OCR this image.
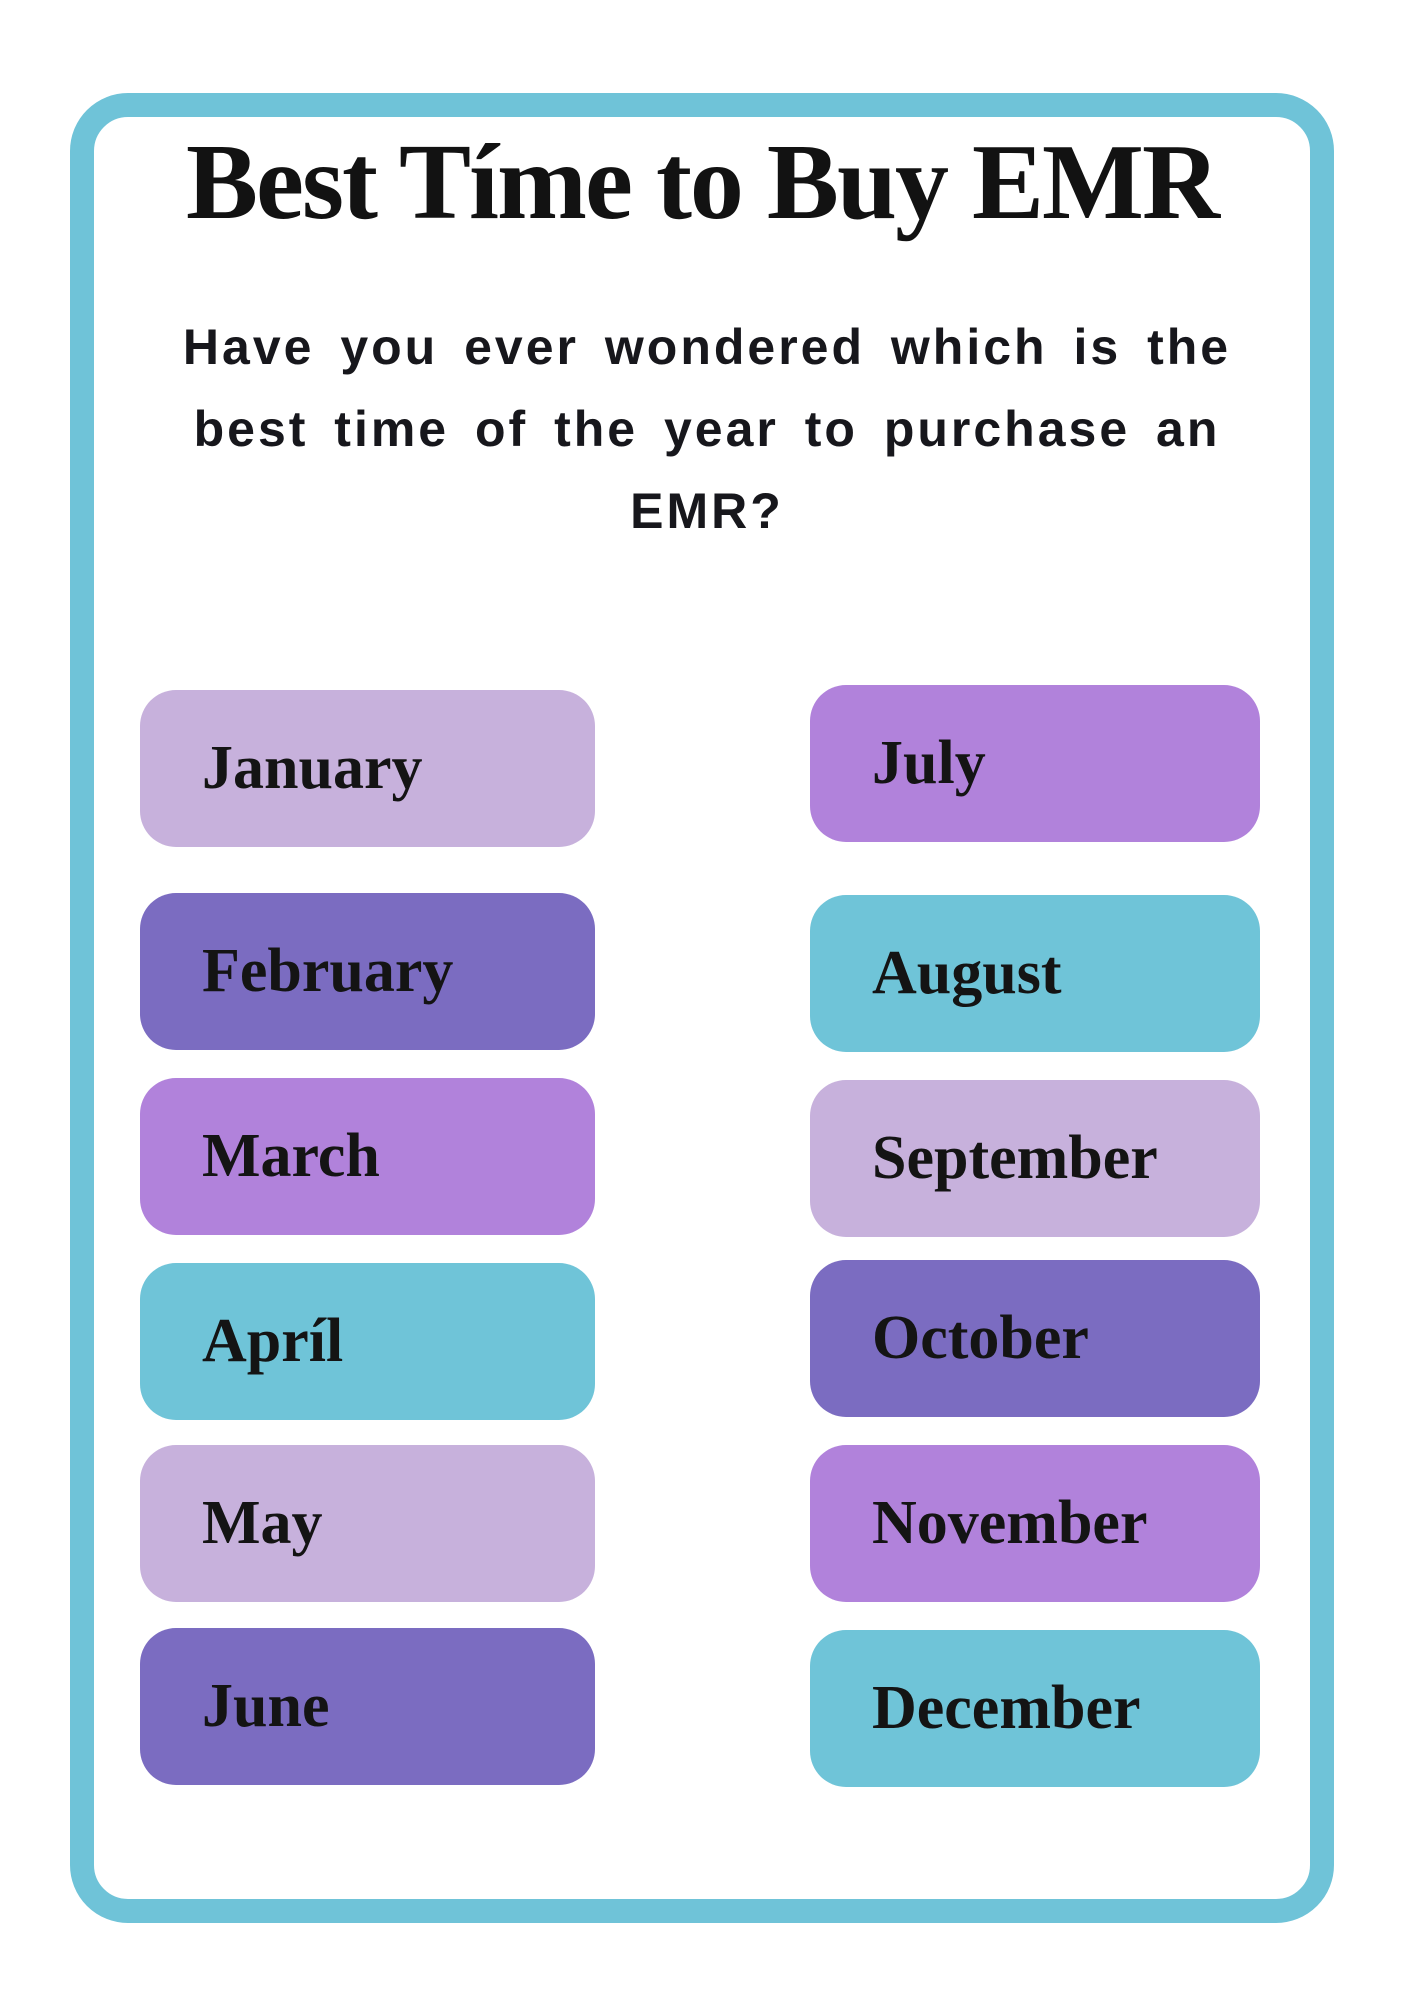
Best Tíme to Buy EMR
Have you ever wondered which is the
best time of the year to purchase an
EMR?
January
February
March
Apríl
May
June
July
August
September
October
November
December
